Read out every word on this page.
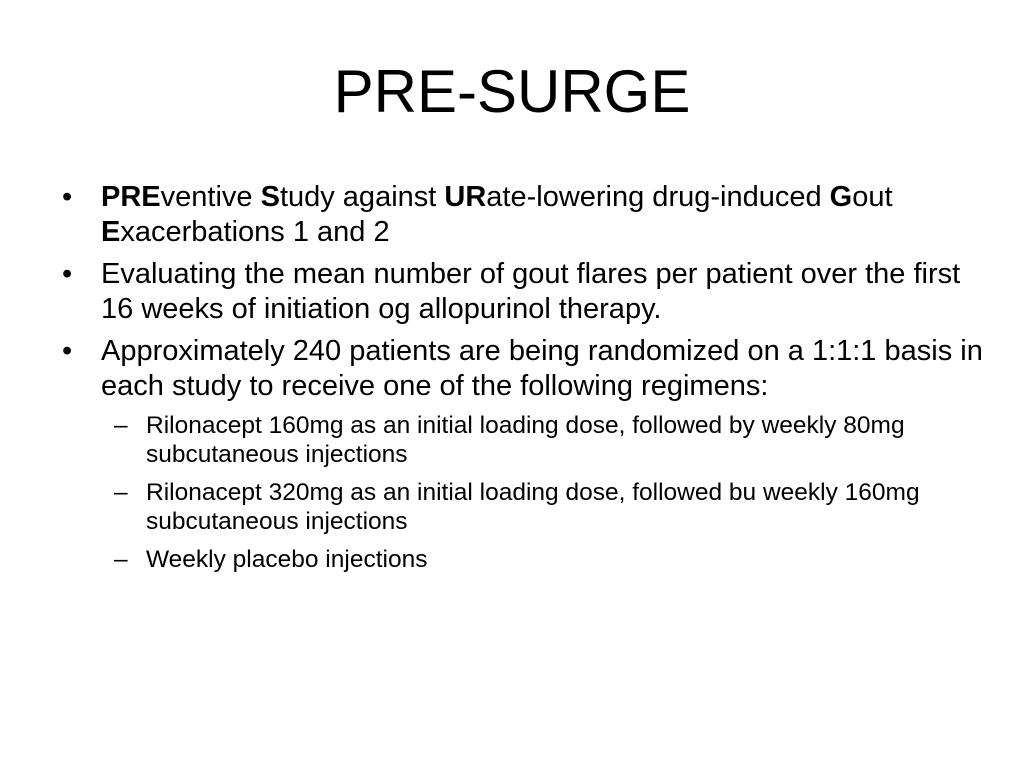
PRE-SURGE
• PREventive Study against URate-lowering drug-induced Gout Exacerbations 1 and 2
• Evaluating the mean number of gout flares per patient over the first 16 weeks of initiation og allopurinol therapy.
• Approximately 240 patients are being randomized on a 1:1:1 basis in each study to receive one of the following regimens:
– Rilonacept 160mg as an initial loading dose, followed by weekly 80mg subcutaneous injections
– Rilonacept 320mg as an initial loading dose, followed bu weekly 160mg subcutaneous injections
– Weekly placebo injections
